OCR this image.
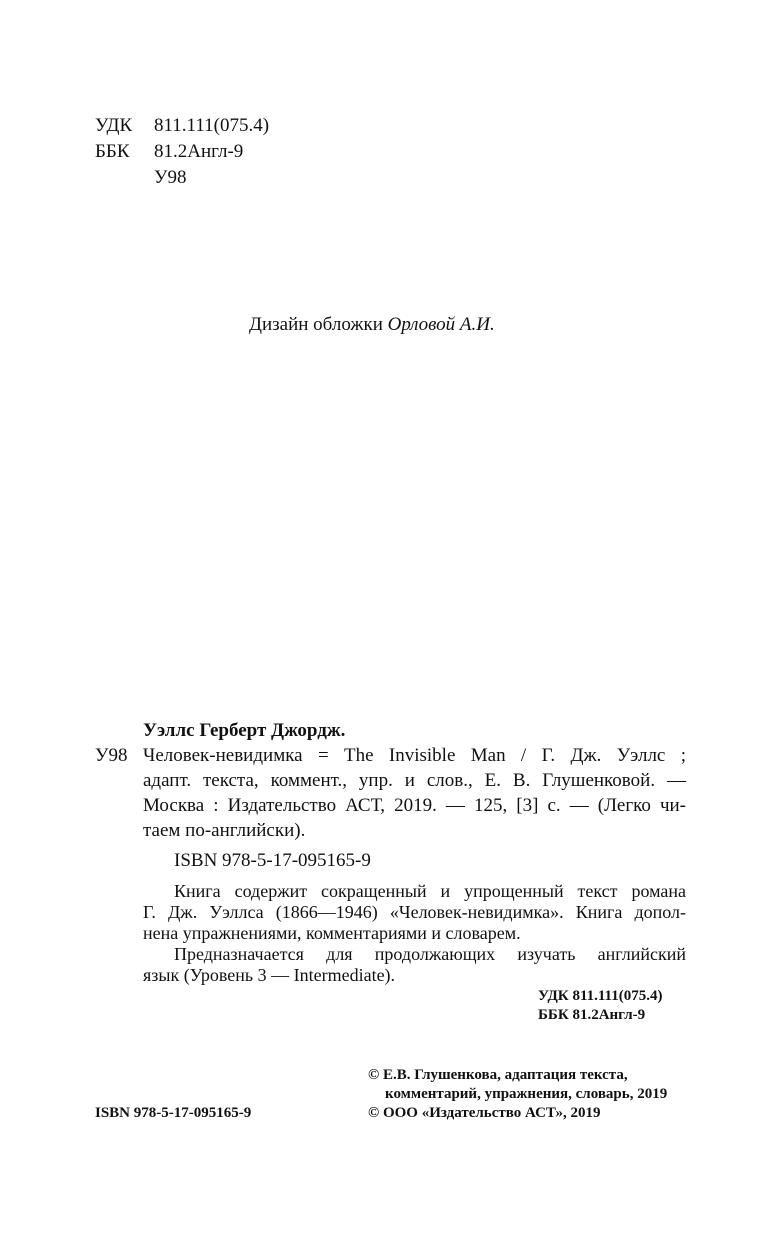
УДК 811.111(075.4)
ББК 81.2Англ-9
У98
Дизайн обложки Орловой А.И.
Уэллс Герберт Джордж.
У98 Человек-невидимка = The Invisible Man / Г. Дж. Уэллс ;
адапт. текста, коммент., упр. и слов., Е. В. Глушенковой. —
Москва : Издательство АСТ, 2019. — 125, [3] с. — (Легко чи-
таем по-английски).
ISBN 978-5-17-095165-9
Книга содержит сокращенный и упрощенный текст романа
Г. Дж. Уэллса (1866—1946) «Человек-невидимка». Книга допол-
нена упражнениями, комментариями и словарем.
Предназначается для продолжающих изучать английский
язык (Уровень 3 — Intermediate).
УДК 811.111(075.4)
ББК 81.2Англ-9
© Е.В. Глушенкова, адаптация текста,
комментарий, упражнения, словарь, 2019
ISBN 978-5-17-095165-9	© ООО «Издательство АСТ», 2019
